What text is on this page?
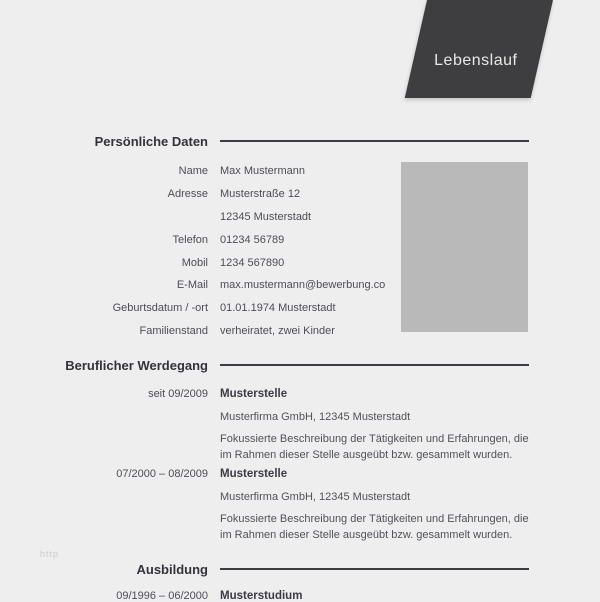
Lebenslauf
Persönliche Daten
Name Max Mustermann
Adresse Musterstraße 12
12345 Musterstadt
Telefon 01234 56789
Mobil 1234 567890
E-Mail max.mustermann@bewerbung.co
Geburtsdatum / -ort 01.01.1974 Musterstadt
Familienstand verheiratet, zwei Kinder
Beruflicher Werdegang
seit 09/2009 Musterstelle
Musterfirma GmbH, 12345 Musterstadt
Fokussierte Beschreibung der Tätigkeiten und Erfahrungen, die im Rahmen dieser Stelle ausgeübt bzw. gesammelt wurden.
07/2000 – 08/2009 Musterstelle
Musterfirma GmbH, 12345 Musterstadt
Fokussierte Beschreibung der Tätigkeiten und Erfahrungen, die im Rahmen dieser Stelle ausgeübt bzw. gesammelt wurden.
Ausbildung
09/1996 – 06/2000 Musterstudium
http
